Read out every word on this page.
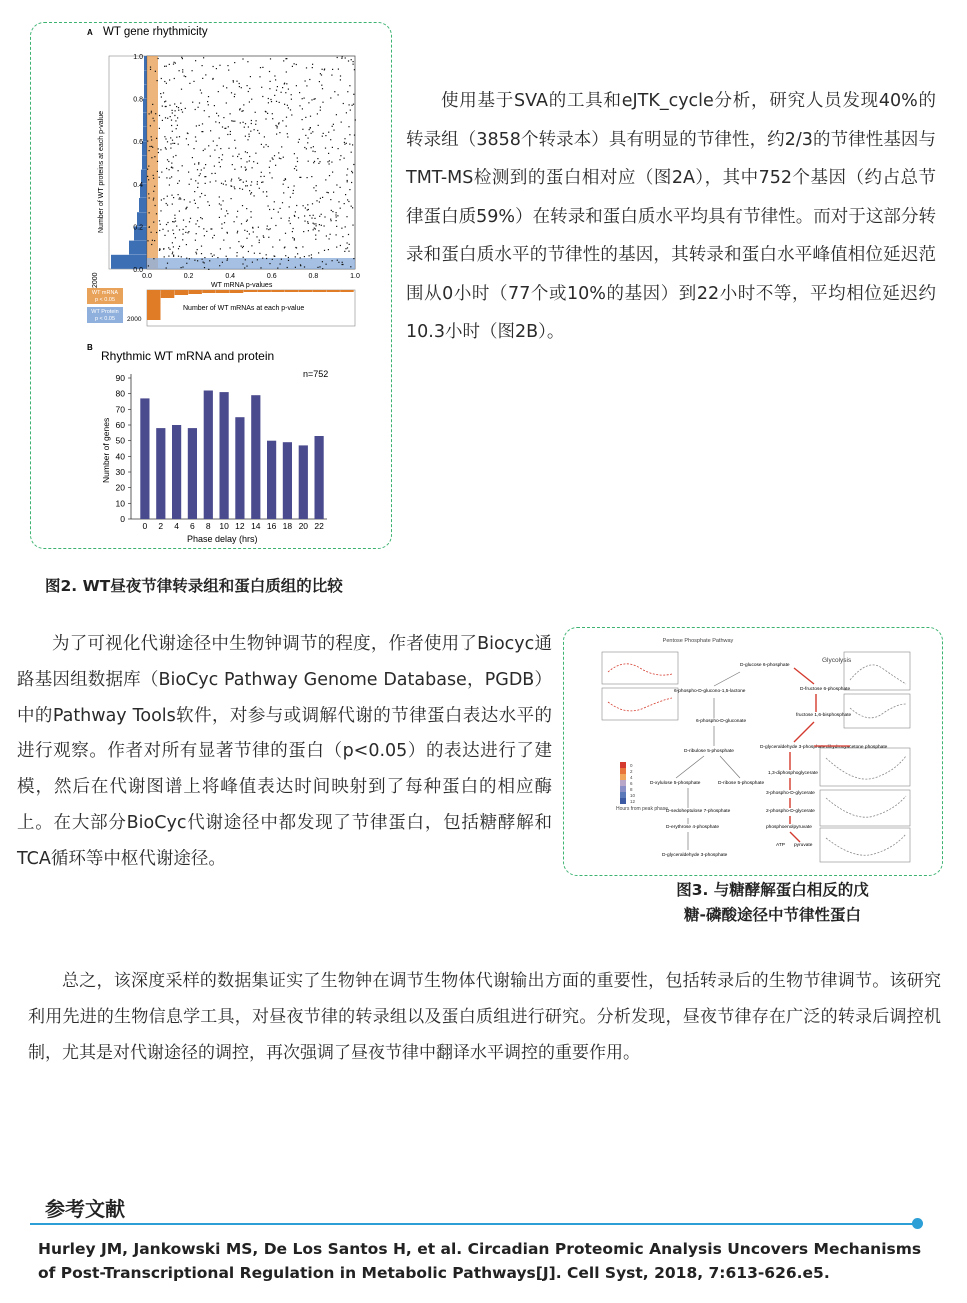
A WT gene rhythmicity
Number of WT proteins at each p-value
2000
0.0
0.2
0.4
0.6
0.8
1.0
0.0	0.2	0.4	0.6	0.8	1.0
WT mRNA p-values
Number of WT mRNAs at each p-value
2000
WT mRNA
p < 0.05
WT Protein
p < 0.05
B
Rhythmic WT mRNA and protein
n=752
0
10
20
30
40
50
60
70
80
90
0 2 4 6 8 10 12 14 16 18 20 22
Number of genes
Phase delay (hrs)

使用基于SVA的工具和eJTK_cycle分析，研究人员发现40%的转录组（3858个转录本）具有明显的节律性，约2/3的节律性基因与TMT-MS检测到的蛋白相对应（图2A），其中752个基因（约占总节律蛋白质59%）在转录和蛋白质水平均具有节律性。而对于这部分转录和蛋白质水平的节律性的基因，其转录和蛋白水平峰值相位延迟范围从0小时（77个或10%的基因）到22小时不等，平均相位延迟约10.3小时（图2B）。

图2. WT昼夜节律转录组和蛋白质组的比较

为了可视化代谢途径中生物钟调节的程度，作者使用了Biocyc通路基因组数据库（BioCyc Pathway Genome Database，PGDB）中的Pathway Tools软件，对参与或调解代谢的节律蛋白表达水平的进行观察。作者对所有显著节律的蛋白（p<0.05）的表达进行了建模，然后在代谢图谱上将峰值表达时间映射到了每种蛋白的相应酶上。在大部分BioCyc代谢途径中都发现了节律蛋白，包括糖酵解和TCA循环等中枢代谢途径。

Pentose Phosphate Pathway
Glycolysis
D-glucose 6-phosphate
D-fructose 6-phosphate
fructose 1,6-bisphosphate
D-glyceraldehyde 3-phosphate dihydroxyacetone phosphate
1,3-diphosphoglycerate
3-phospho-D-glycerate
2-phospho-D-glycerate
phosphoenolpyruvate
pyruvate
ATP
6-phospho-D-glucono-1,5-lactone
6-phospho-D-gluconate
D-ribulose 5-phosphate
D-xylulose 5-phosphate	D-ribose 5-phosphate
D-sedoheptulose 7-phosphate
D-erythrose 4-phosphate
D-glyceraldehyde 3-phosphate
0
2
4
6
8
10
12
Hours from peak phase
图3. 与糖酵解蛋白相反的戊
糖-磷酸途径中节律性蛋白

总之，该深度采样的数据集证实了生物钟在调节生物体代谢输出方面的重要性，包括转录后的生物节律调节。该研究利用先进的生物信息学工具，对昼夜节律的转录组以及蛋白质组进行研究。分析发现，昼夜节律存在广泛的转录后调控机制，尤其是对代谢途径的调控，再次强调了昼夜节律中翻译水平调控的重要作用。

参考文献
Hurley JM, Jankowski MS, De Los Santos H, et al. Circadian Proteomic Analysis Uncovers Mechanisms of Post-Transcriptional Regulation in Metabolic Pathways[J]. Cell Syst, 2018, 7:613-626.e5.
